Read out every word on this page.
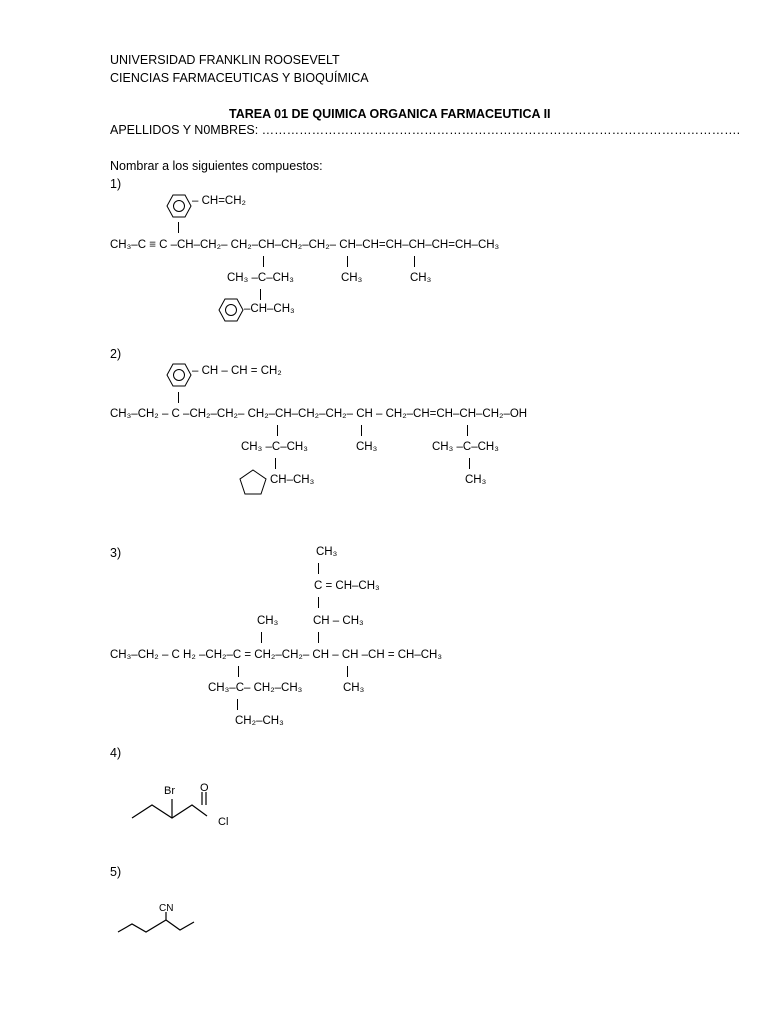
UNIVERSIDAD FRANKLIN ROOSEVELT
CIENCIAS FARMACEUTICAS Y BIOQUÍMICA
TAREA 01 DE QUIMICA ORGANICA FARMACEUTICA II
APELLIDOS Y N0MBRES: …………………………………………………………………………………………………….
Nombrar a los siguientes compuestos:
1)
– CH=CH₂
CH₃–C ≡ C –CH–CH₂– CH₂–CH–CH₂–CH₂– CH–CH=CH–CH–CH=CH–CH₃
CH₃ –C–CH₃	CH₃	CH₃
–CH–CH₃
2)
– CH – CH = CH₂
CH₃–CH₂ – C –CH₂–CH₂– CH₂–CH–CH₂–CH₂– CH – CH₂–CH=CH–CH–CH₂–OH
CH₃ –C–CH₃	CH₃	CH₃ –C–CH₃
CH–CH₃	CH₃
3)	CH₃
C = CH–CH₃
CH₃	CH – CH₃
CH₃–CH₂ – C H₂ –CH₂–C = CH₂–CH₂– CH – CH –CH = CH–CH₃
CH₃–C– CH₂–CH₃	CH₃
CH₂–CH₃
4)
Br O
Cl
5)
CN
